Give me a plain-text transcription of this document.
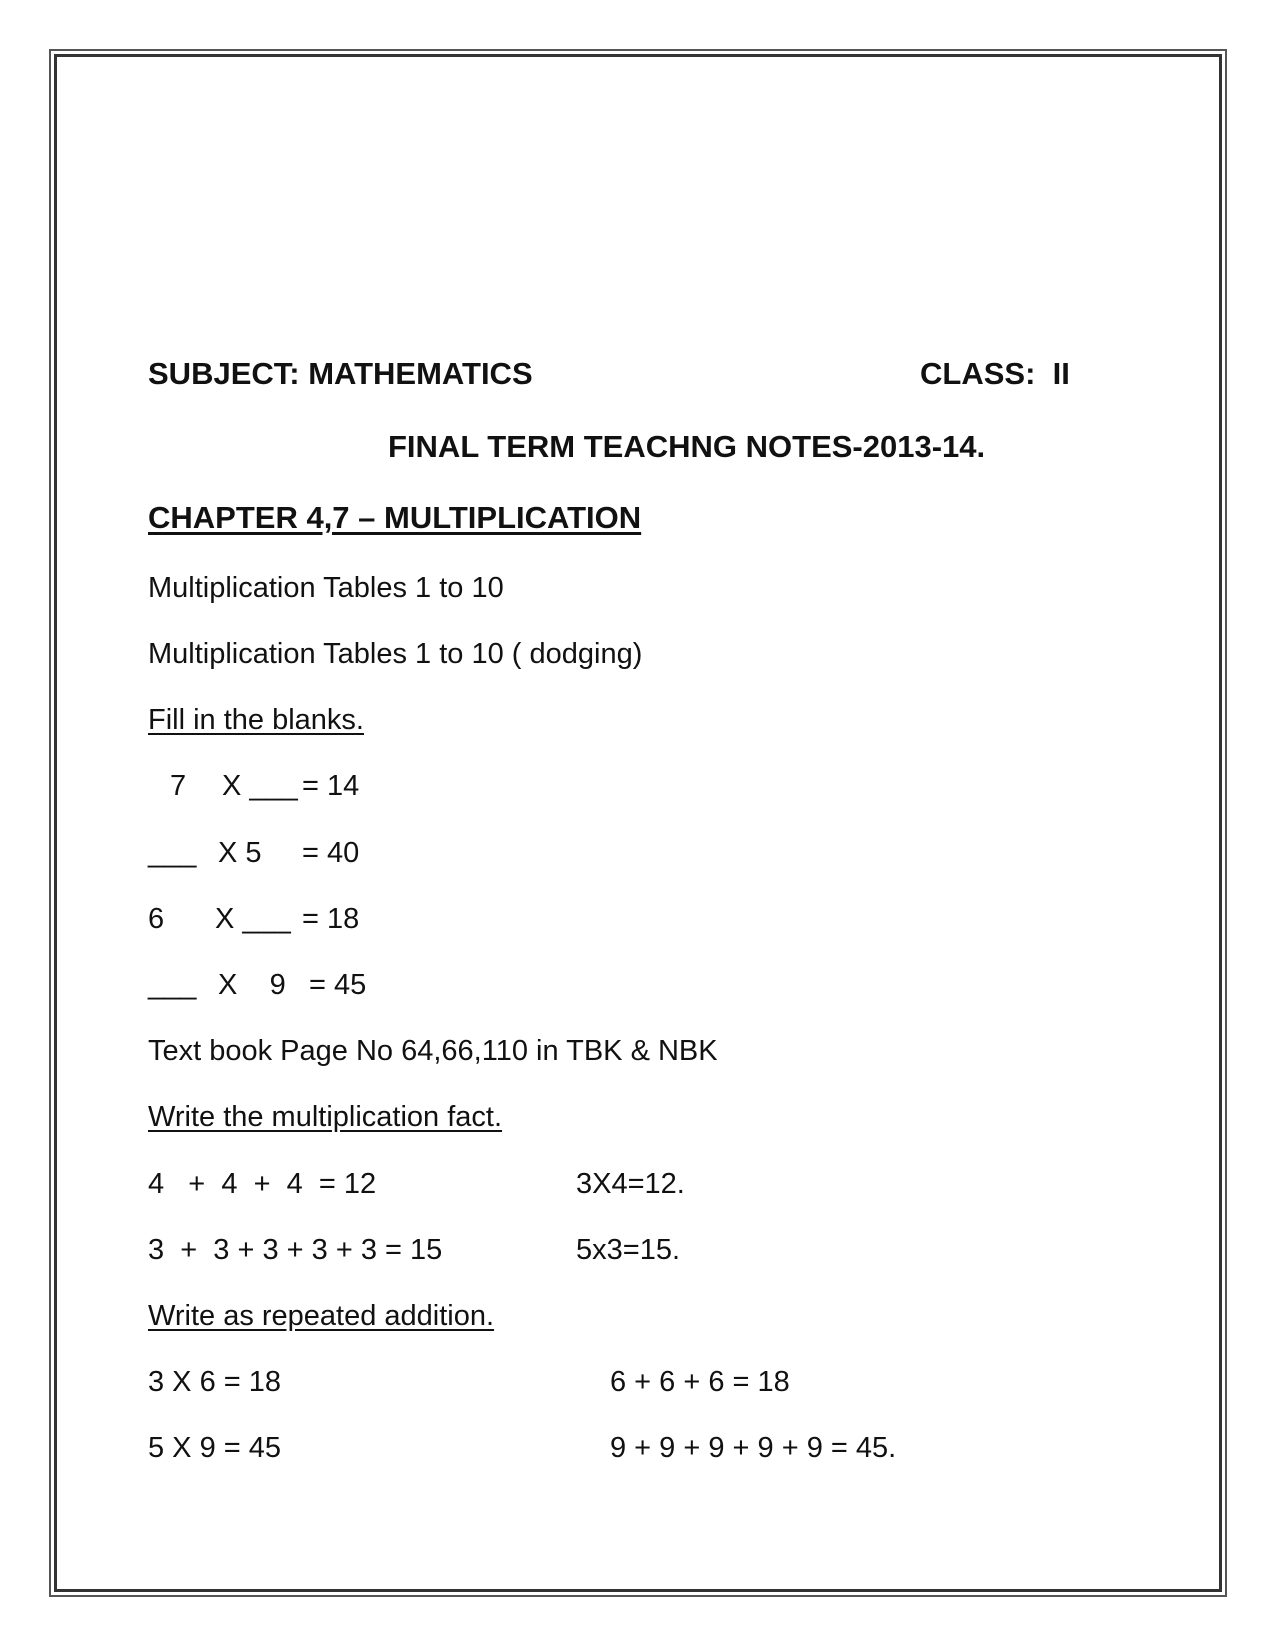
SUBJECT: MATHEMATICS	CLASS:  II
FINAL TERM TEACHNG NOTES-2013-14.
CHAPTER 4,7 – MULTIPLICATION
Multiplication Tables 1 to 10
Multiplication Tables 1 to 10 ( dodging)
Fill in the blanks.
7 X ___ = 14
___ X 5 = 40
6 X ___ = 18
___ X    9 = 45
Text book Page No 64,66,110 in TBK & NBK
Write the multiplication fact.
4   +  4  +  4  = 12	3X4=12.
3  +  3 + 3 + 3 + 3 = 15	5x3=15.
Write as repeated addition.
3 X 6 = 18	6 + 6 + 6 = 18
5 X 9 = 45	9 + 9 + 9 + 9 + 9 = 45.
